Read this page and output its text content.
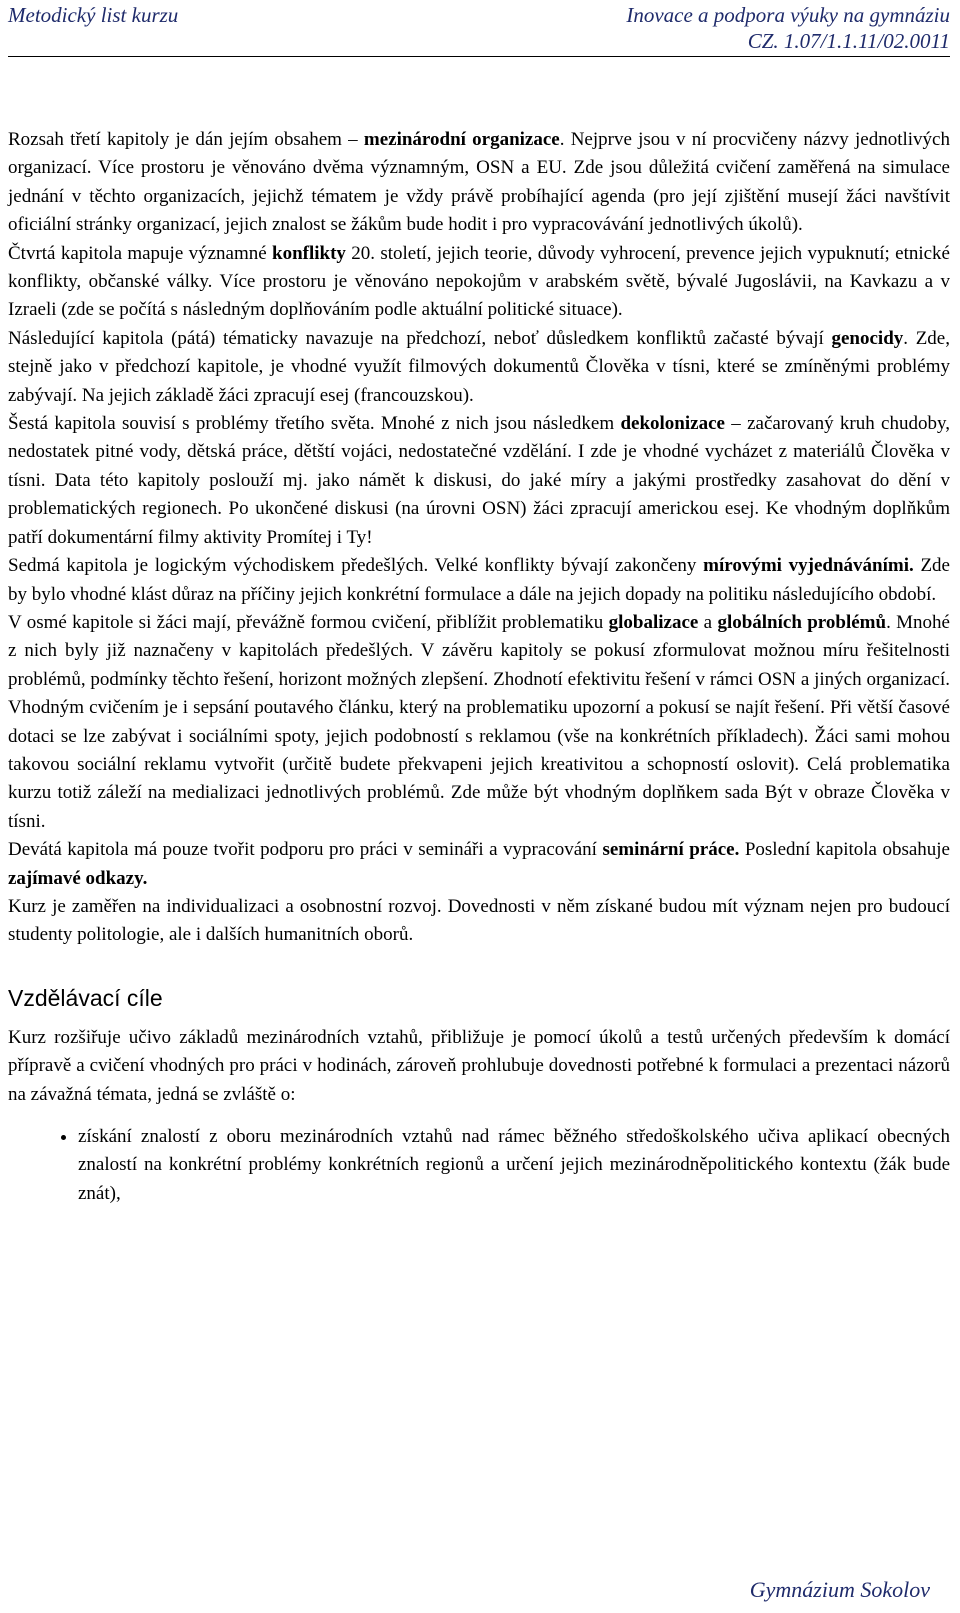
Metodický list kurzu	Inovace a podpora výuky na gymnáziu
CZ. 1.07/1.1.11/02.0011

Rozsah třetí kapitoly je dán jejím obsahem – mezinárodní organizace. Nejprve jsou v ní procvičeny názvy jednotlivých organizací. Více prostoru je věnováno dvěma významným, OSN a EU. Zde jsou důležitá cvičení zaměřená na simulace jednání v těchto organizacích, jejichž tématem je vždy právě probíhající agenda (pro její zjištění musejí žáci navštívit oficiální stránky organizací, jejich znalost se žákům bude hodit i pro vypracovávání jednotlivých úkolů).

Čtvrtá kapitola mapuje významné konflikty 20. století, jejich teorie, důvody vyhrocení, prevence jejich vypuknutí; etnické konflikty, občanské války. Více prostoru je věnováno nepokojům v arabském světě, bývalé Jugoslávii, na Kavkazu a v Izraeli (zde se počítá s následným doplňováním podle aktuální politické situace).

Následující kapitola (pátá) tématicky navazuje na předchozí, neboť důsledkem konfliktů začasté bývají genocidy. Zde, stejně jako v předchozí kapitole, je vhodné využít filmových dokumentů Člověka v tísni, které se zmíněnými problémy zabývají. Na jejich základě žáci zpracují esej (francouzskou).

Šestá kapitola souvisí s problémy třetího světa. Mnohé z nich jsou následkem dekolonizace – začarovaný kruh chudoby, nedostatek pitné vody, dětská práce, dětští vojáci, nedostatečné vzdělání. I zde je vhodné vycházet z materiálů Člověka v tísni. Data této kapitoly poslouží mj. jako námět k diskusi, do jaké míry a jakými prostředky zasahovat do dění v problematických regionech. Po ukončené diskusi (na úrovni OSN) žáci zpracují americkou esej. Ke vhodným doplňkům patří dokumentární filmy aktivity Promítej i Ty!

Sedmá kapitola je logickým východiskem předešlých. Velké konflikty bývají zakončeny mírovými vyjednáváními. Zde by bylo vhodné klást důraz na příčiny jejich konkrétní formulace a dále na jejich dopady na politiku následujícího období.

V osmé kapitole si žáci mají, převážně formou cvičení, přiblížit problematiku globalizace a globálních problémů. Mnohé z nich byly již naznačeny v kapitolách předešlých. V závěru kapitoly se pokusí zformulovat možnou míru řešitelnosti problémů, podmínky těchto řešení, horizont možných zlepšení. Zhodnotí efektivitu řešení v rámci OSN a jiných organizací. Vhodným cvičením je i sepsání poutavého článku, který na problematiku upozorní a pokusí se najít řešení. Při větší časové dotaci se lze zabývat i sociálními spoty, jejich podobností s reklamou (vše na konkrétních příkladech). Žáci sami mohou takovou sociální reklamu vytvořit (určitě budete překvapeni jejich kreativitou a schopností oslovit). Celá problematika kurzu totiž záleží na medializaci jednotlivých problémů. Zde může být vhodným doplňkem sada Být v obraze Člověka v tísni.

Devátá kapitola má pouze tvořit podporu pro práci v semináři a vypracování seminární práce. Poslední kapitola obsahuje zajímavé odkazy.

Kurz je zaměřen na individualizaci a osobnostní rozvoj. Dovednosti v něm získané budou mít význam nejen pro budoucí studenty politologie, ale i dalších humanitních oborů.

Vzdělávací cíle

Kurz rozšiřuje učivo základů mezinárodních vztahů, přibližuje je pomocí úkolů a testů určených především k domácí přípravě a cvičení vhodných pro práci v hodinách, zároveň prohlubuje dovednosti potřebné k formulaci a prezentaci názorů na závažná témata, jedná se zvláště o:

• získání znalostí z oboru mezinárodních vztahů nad rámec běžného středoškolského učiva aplikací obecných znalostí na konkrétní problémy konkrétních regionů a určení jejich mezinárodněpolitického kontextu (žák bude znát),
Gymnázium Sokolov
